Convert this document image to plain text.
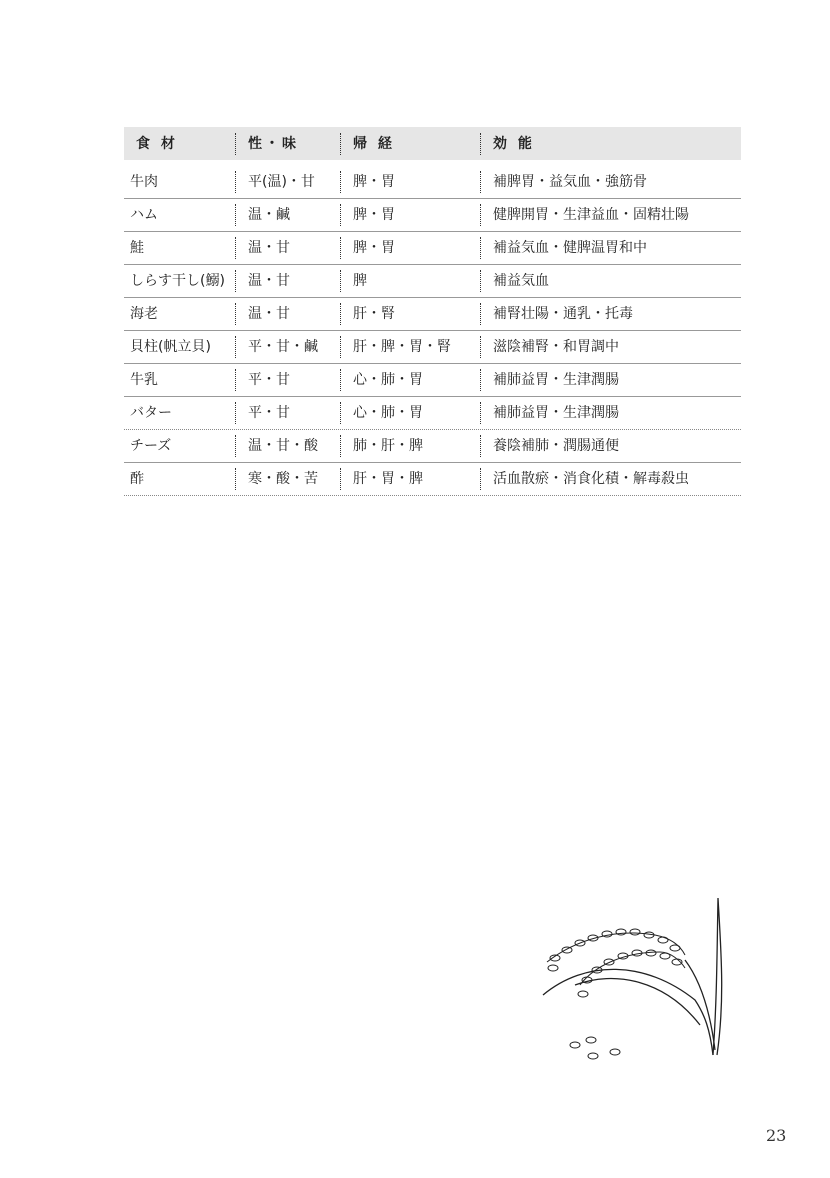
食 材	性・味	帰 経	効 能
牛肉	平(温)・甘	脾・胃	補脾胃・益気血・強筋骨
ハム	温・鹹	脾・胃	健脾開胃・生津益血・固精壮陽
鮭	温・甘	脾・胃	補益気血・健脾温胃和中
しらす干し(鰯)	温・甘	脾	補益気血
海老	温・甘	肝・腎	補腎壮陽・通乳・托毒
貝柱(帆立貝)	平・甘・鹹	肝・脾・胃・腎	滋陰補腎・和胃調中
牛乳	平・甘	心・肺・胃	補肺益胃・生津潤腸
バター	平・甘	心・肺・胃	補肺益胃・生津潤腸
チーズ	温・甘・酸	肺・肝・脾	養陰補肺・潤腸通便
酢	寒・酸・苦	肝・胃・脾	活血散瘀・消食化積・解毒殺虫
23
